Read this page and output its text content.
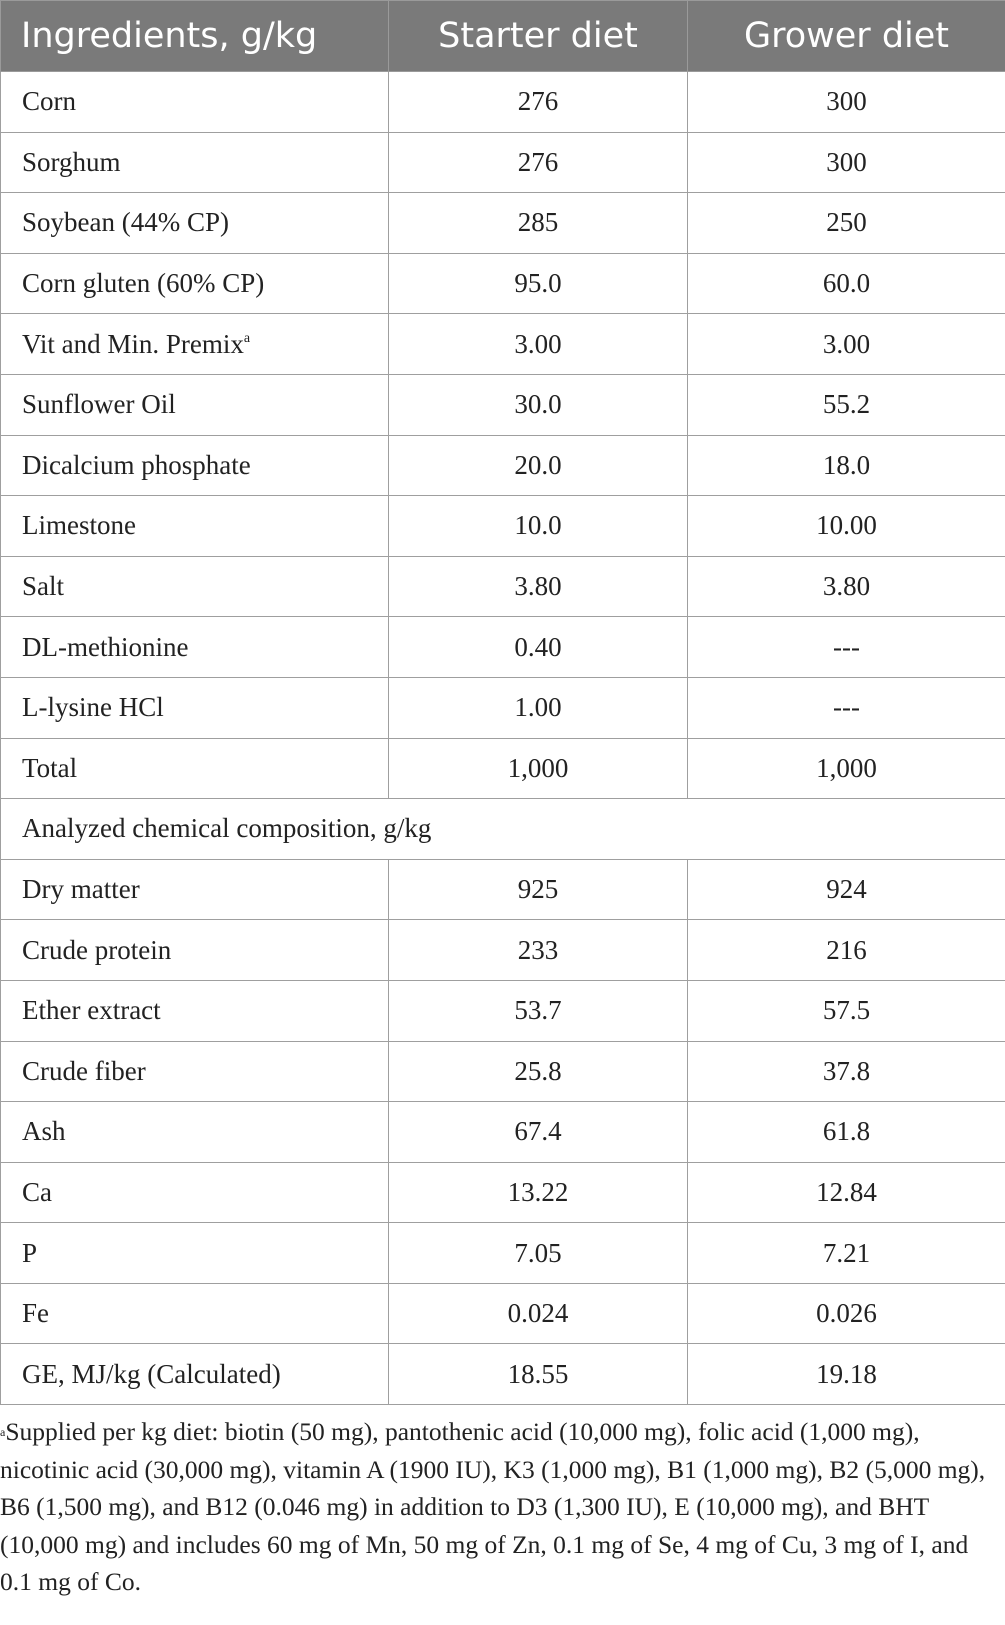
Ingredients, g/kg	Starter diet	Grower diet
Corn	276	300
Sorghum	276	300
Soybean (44% CP)	285	250
Corn gluten (60% CP)	95.0	60.0
Vit and Min. Premix$^a$	3.00	3.00
Sunflower Oil	30.0	55.2
Dicalcium phosphate	20.0	18.0
Limestone	10.0	10.00
Salt	3.80	3.80
DL-methionine	0.40	---
L-lysine HCl	1.00	---
Total	1,000	1,000
Analyzed chemical composition, g/kg		
Dry matter	925	924
Crude protein	233	216
Ether extract	53.7	57.5
Crude fiber	25.8	37.8
Ash	67.4	61.8
Ca	13.22	12.84
P	7.05	7.21
Fe	0.024	0.026
GE, MJ/kg (Calculated)	18.55	19.18

$^a$Supplied per kg diet: biotin (50 mg), pantothenic acid (10,000 mg), folic acid (1,000 mg), nicotinic acid (30,000 mg), vitamin A (1900 IU), K3 (1,000 mg), B1 (1,000 mg), B2 (5,000 mg), B6 (1,500 mg), and B12 (0.046 mg) in addition to D3 (1,300 IU), E (10,000 mg), and BHT (10,000 mg) and includes 60 mg of Mn, 50 mg of Zn, 0.1 mg of Se, 4 mg of Cu, 3 mg of I, and 0.1 mg of Co.
